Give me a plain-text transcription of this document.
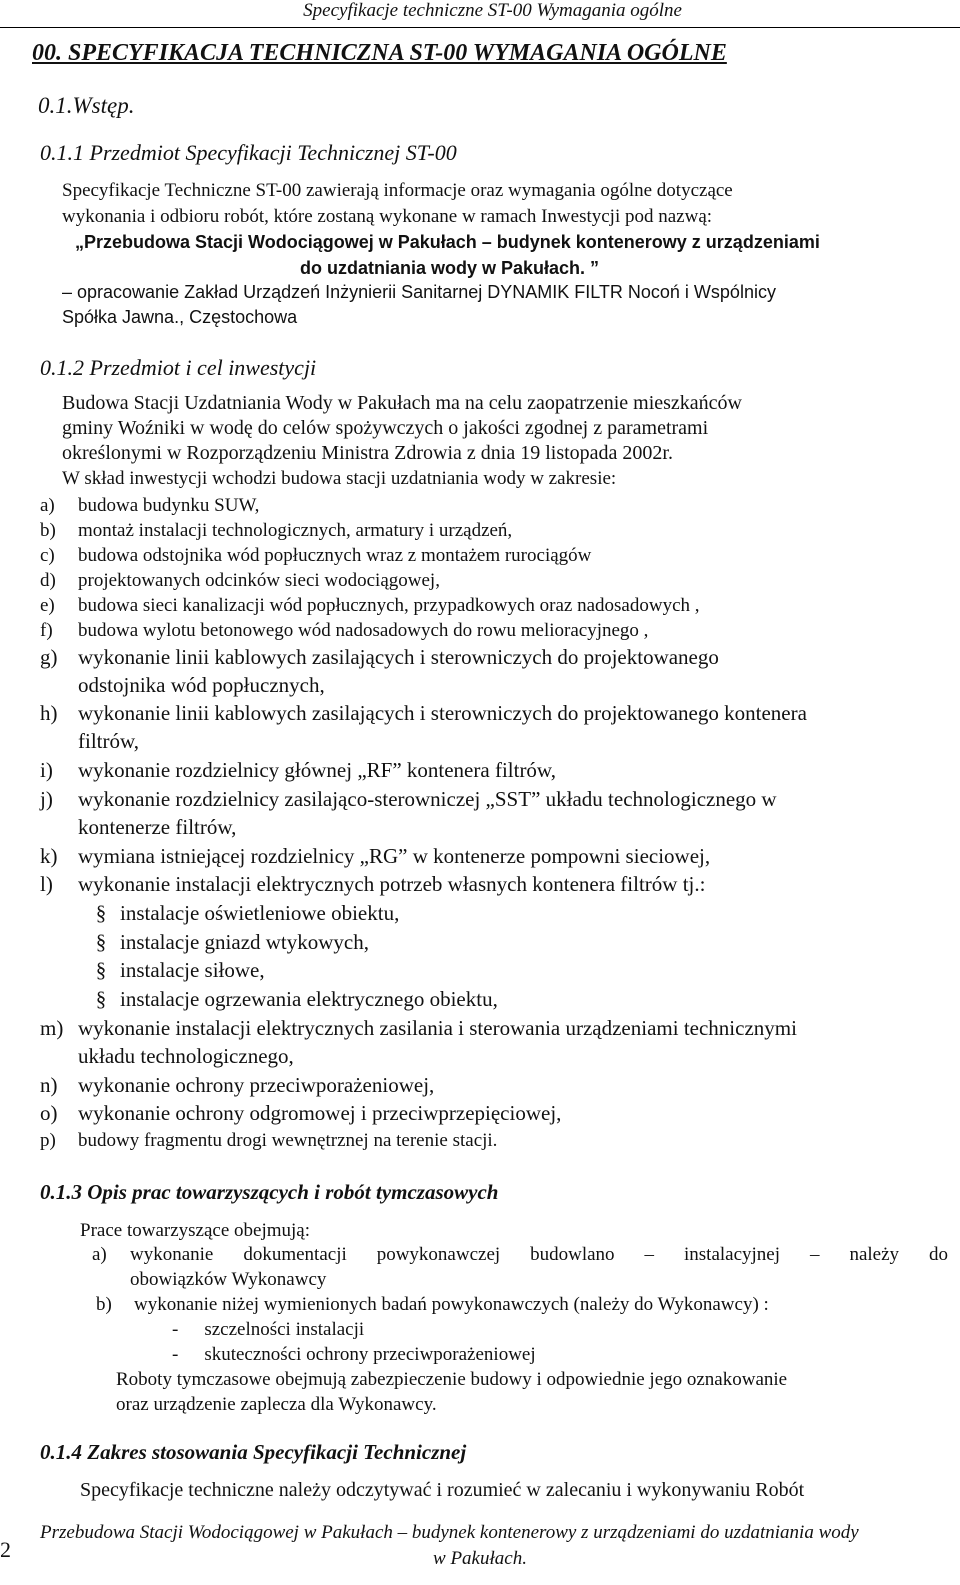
Specyfikacje techniczne ST-00 Wymagania ogólne
00. SPECYFIKACJA TECHNICZNA ST-00 WYMAGANIA OGÓLNE
0.1.Wstęp.
0.1.1 Przedmiot Specyfikacji Technicznej ST-00
Specyfikacje Techniczne ST-00 zawierają informacje oraz wymagania ogólne dotyczące
wykonania i odbioru robót, które zostaną wykonane w ramach Inwestycji pod nazwą:
„Przebudowa Stacji Wodociągowej w Pakułach – budynek kontenerowy z urządzeniami
do uzdatniania wody w Pakułach. ”
– opracowanie Zakład Urządzeń Inżynierii Sanitarnej DYNAMIK FILTR Nocoń i Wspólnicy
Spółka Jawna., Częstochowa
0.1.2 Przedmiot i cel inwestycji
Budowa Stacji Uzdatniania Wody w Pakułach ma na celu zaopatrzenie mieszkańców
gminy Woźniki w wodę do celów spożywczych o jakości zgodnej z parametrami
określonymi w Rozporządzeniu Ministra Zdrowia z dnia 19 listopada 2002r.
W skład inwestycji wchodzi budowa stacji uzdatniania wody w zakresie:
a) budowa budynku SUW,
b) montaż instalacji technologicznych, armatury i urządzeń,
c) budowa odstojnika wód popłucznych wraz z montażem rurociągów
d) projektowanych odcinków sieci wodociągowej,
e) budowa sieci kanalizacji wód popłucznych, przypadkowych oraz nadosadowych ,
f) budowa wylotu betonowego wód nadosadowych do rowu melioracyjnego ,
g) wykonanie linii kablowych zasilających i sterowniczych do projektowanego
odstojnika wód popłucznych,
h) wykonanie linii kablowych zasilających i sterowniczych do projektowanego kontenera
filtrów,
i) wykonanie rozdzielnicy głównej „RF” kontenera filtrów,
j) wykonanie rozdzielnicy zasilająco-sterowniczej „SST” układu technologicznego w
kontenerze filtrów,
k) wymiana istniejącej rozdzielnicy „RG” w kontenerze pompowni sieciowej,
l) wykonanie instalacji elektrycznych potrzeb własnych kontenera filtrów tj.:
§ instalacje oświetleniowe obiektu,
§ instalacje gniazd wtykowych,
§ instalacje siłowe,
§ instalacje ogrzewania elektrycznego obiektu,
m) wykonanie instalacji elektrycznych zasilania i sterowania urządzeniami technicznymi
układu technologicznego,
n) wykonanie ochrony przeciwporażeniowej,
o) wykonanie ochrony odgromowej i przeciwprzepięciowej,
p) budowy fragmentu drogi wewnętrznej na terenie stacji.
0.1.3 Opis prac towarzyszących i robót tymczasowych
Prace towarzyszące obejmują:
a) wykonanie dokumentacji powykonawczej budowlano – instalacyjnej – należy do
obowiązków Wykonawcy
b) wykonanie niżej wymienionych badań powykonawczych (należy do Wykonawcy) :
- szczelności instalacji
- skuteczności ochrony przeciwporażeniowej
Roboty tymczasowe obejmują zabezpieczenie budowy i odpowiednie jego oznakowanie
oraz urządzenie zaplecza dla Wykonawcy.
0.1.4 Zakres stosowania Specyfikacji Technicznej
Specyfikacje techniczne należy odczytywać i rozumieć w zalecaniu i wykonywaniu Robót
2
Przebudowa Stacji Wodociągowej w Pakułach – budynek kontenerowy z urządzeniami do uzdatniania wody
w Pakułach.
